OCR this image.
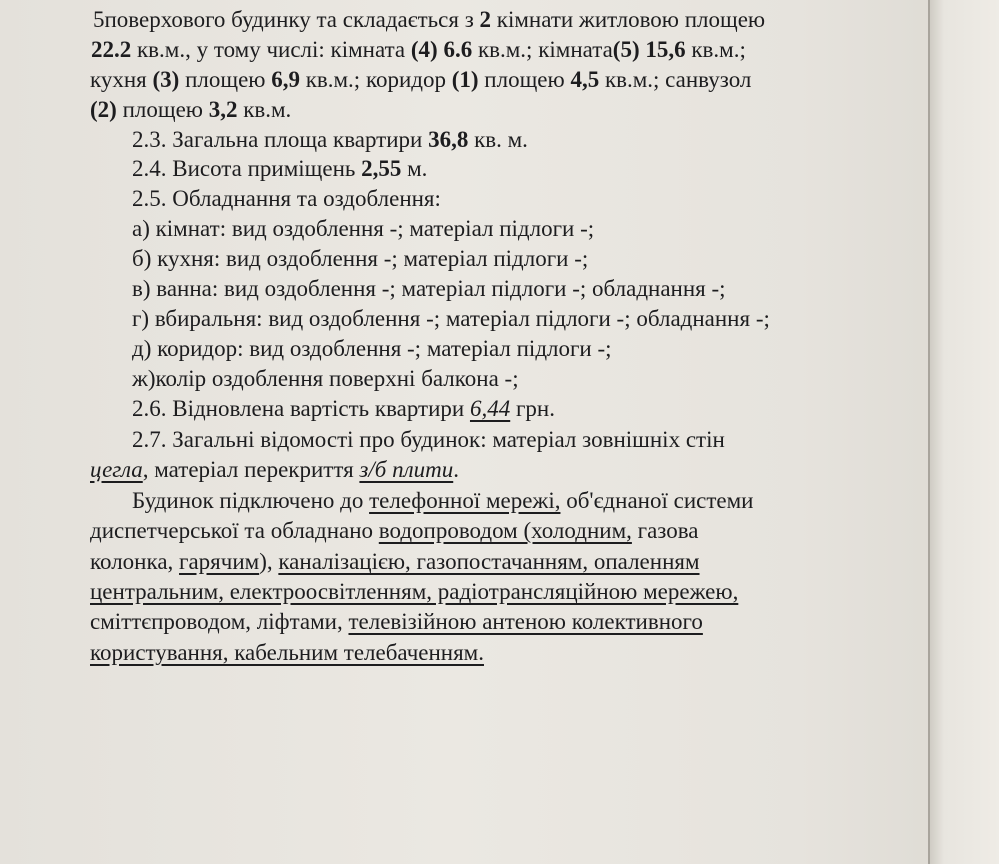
5поверхового будинку та складається з 2 кімнати житловою площею
22.2 кв.м., у тому числі: кімната (4) 6.6 кв.м.; кімната(5) 15,6 кв.м.;
кухня (3) площею 6,9 кв.м.; коридор (1) площею 4,5 кв.м.; санвузол
(2) площею 3,2 кв.м.
2.3. Загальна площа квартири 36,8 кв. м.
2.4. Висота приміщень 2,55 м.
2.5. Обладнання та оздоблення:
а) кімнат: вид оздоблення -; матеріал підлоги -;
б) кухня: вид оздоблення -; матеріал підлоги -;
в) ванна: вид оздоблення -; матеріал підлоги -; обладнання -;
г) вбиральня: вид оздоблення -; матеріал підлоги -; обладнання -;
д) коридор: вид оздоблення -; матеріал підлоги -;
ж)колір оздоблення поверхні балкона -;
2.6. Відновлена вартість квартири 6,44 грн.
2.7. Загальні відомості про будинок: матеріал зовнішніх стін
цегла, матеріал перекриття з/б плити.
Будинок підключено до телефонної мережі, об'єднаної системи
диспетчерської та обладнано водопроводом (холодним, газова
колонка, гарячим), каналізацією, газопостачанням, опаленням
центральним, електроосвітленням, радіотрансляційною мережею,
сміттєпроводом, ліфтами, телевізійною антеною колективного
користування, кабельним телебаченням.
